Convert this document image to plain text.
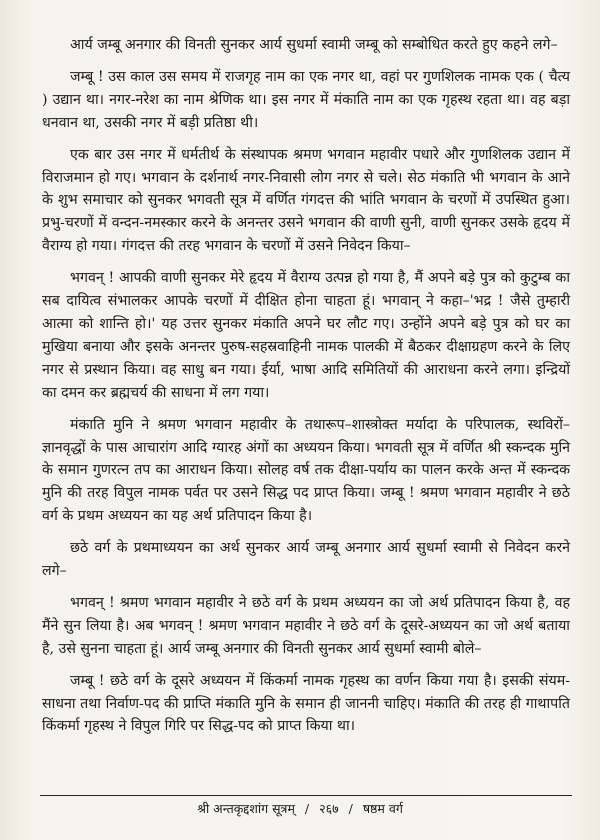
आर्य जम्बू अनगार की विनती सुनकर आर्य सुधर्मा स्वामी जम्बू को सम्बोधित करते हुए कहने लगे–

जम्बू ! उस काल उस समय में राजगृह नाम का एक नगर था, वहां पर गुणशिलक नामक एक ( चैत्य ) उद्यान था। नगर-नरेश का नाम श्रेणिक था। इस नगर में मंकाति नाम का एक गृहस्थ रहता था। वह बड़ा धनवान था, उसकी नगर में बड़ी प्रतिष्ठा थी।

एक बार उस नगर में धर्मतीर्थ के संस्थापक श्रमण भगवान महावीर पधारे और गुणशिलक उद्यान में विराजमान हो गए। भगवान के दर्शनार्थ नगर-निवासी लोग नगर से चले। सेठ मंकाति भी भगवान के आने के शुभ समाचार को सुनकर भगवती सूत्र में वर्णित गंगदत्त की भांति भगवान के चरणों में उपस्थित हुआ। प्रभु-चरणों में वन्दन-नमस्कार करने के अनन्तर उसने भगवान की वाणी सुनी, वाणी सुनकर उसके हृदय में वैराग्य हो गया। गंगदत्त की तरह भगवान के चरणों में उसने निवेदन किया–

भगवन् ! आपकी वाणी सुनकर मेरे हृदय में वैराग्य उत्पन्न हो गया है, मैं अपने बड़े पुत्र को कुटुम्ब का सब दायित्व संभालकर आपके चरणों में दीक्षित होना चाहता हूं। भगवान् ने कहा–'भद्र ! जैसे तुम्हारी आत्मा को शान्ति हो।' यह उत्तर सुनकर मंकाति अपने घर लौट गए। उन्होंने अपने बड़े पुत्र को घर का मुखिया बनाया और इसके अनन्तर पुरुष-सहस्रवाहिनी नामक पालकी में बैठकर दीक्षाग्रहण करने के लिए नगर से प्रस्थान किया। वह साधु बन गया। ईर्या, भाषा आदि समितियों की आराधना करने लगा। इन्द्रियों का दमन कर ब्रह्मचर्य की साधना में लग गया।

मंकाति मुनि ने श्रमण भगवान महावीर के तथारूप–शास्त्रोक्त मर्यादा के परिपालक, स्थविरों–ज्ञानवृद्धों के पास आचारांग आदि ग्यारह अंगों का अध्ययन किया। भगवती सूत्र में वर्णित श्री स्कन्दक मुनि के समान गुणरत्न तप का आराधन किया। सोलह वर्ष तक दीक्षा-पर्याय का पालन करके अन्त में स्कन्दक मुनि की तरह विपुल नामक पर्वत पर उसने सिद्ध पद प्राप्त किया। जम्बू ! श्रमण भगवान महावीर ने छठे वर्ग के प्रथम अध्ययन का यह अर्थ प्रतिपादन किया है।

छठे वर्ग के प्रथमाध्ययन का अर्थ सुनकर आर्य जम्बू अनगार आर्य सुधर्मा स्वामी से निवेदन करने लगे–

भगवन् ! श्रमण भगवान महावीर ने छठे वर्ग के प्रथम अध्ययन का जो अर्थ प्रतिपादन किया है, वह मैंने सुन लिया है। अब भगवन् ! श्रमण भगवान महावीर ने छठे वर्ग के दूसरे-अध्ययन का जो अर्थ बताया है, उसे सुनना चाहता हूं। आर्य जम्बू अनगार की विनती सुनकर आर्य सुधर्मा स्वामी बोले–

जम्बू ! छठे वर्ग के दूसरे अध्ययन में किंकर्मा नामक गृहस्थ का वर्णन किया गया है। इसकी संयम-साधना तथा निर्वाण-पद की प्राप्ति मंकाति मुनि के समान ही जाननी चाहिए। मंकाति की तरह ही गाथापति किंकर्मा गृहस्थ ने विपुल गिरि पर सिद्ध-पद को प्राप्त किया था।

श्री अन्तकृद्दशांग सूत्रम् / २६७ / षष्ठम वर्ग
